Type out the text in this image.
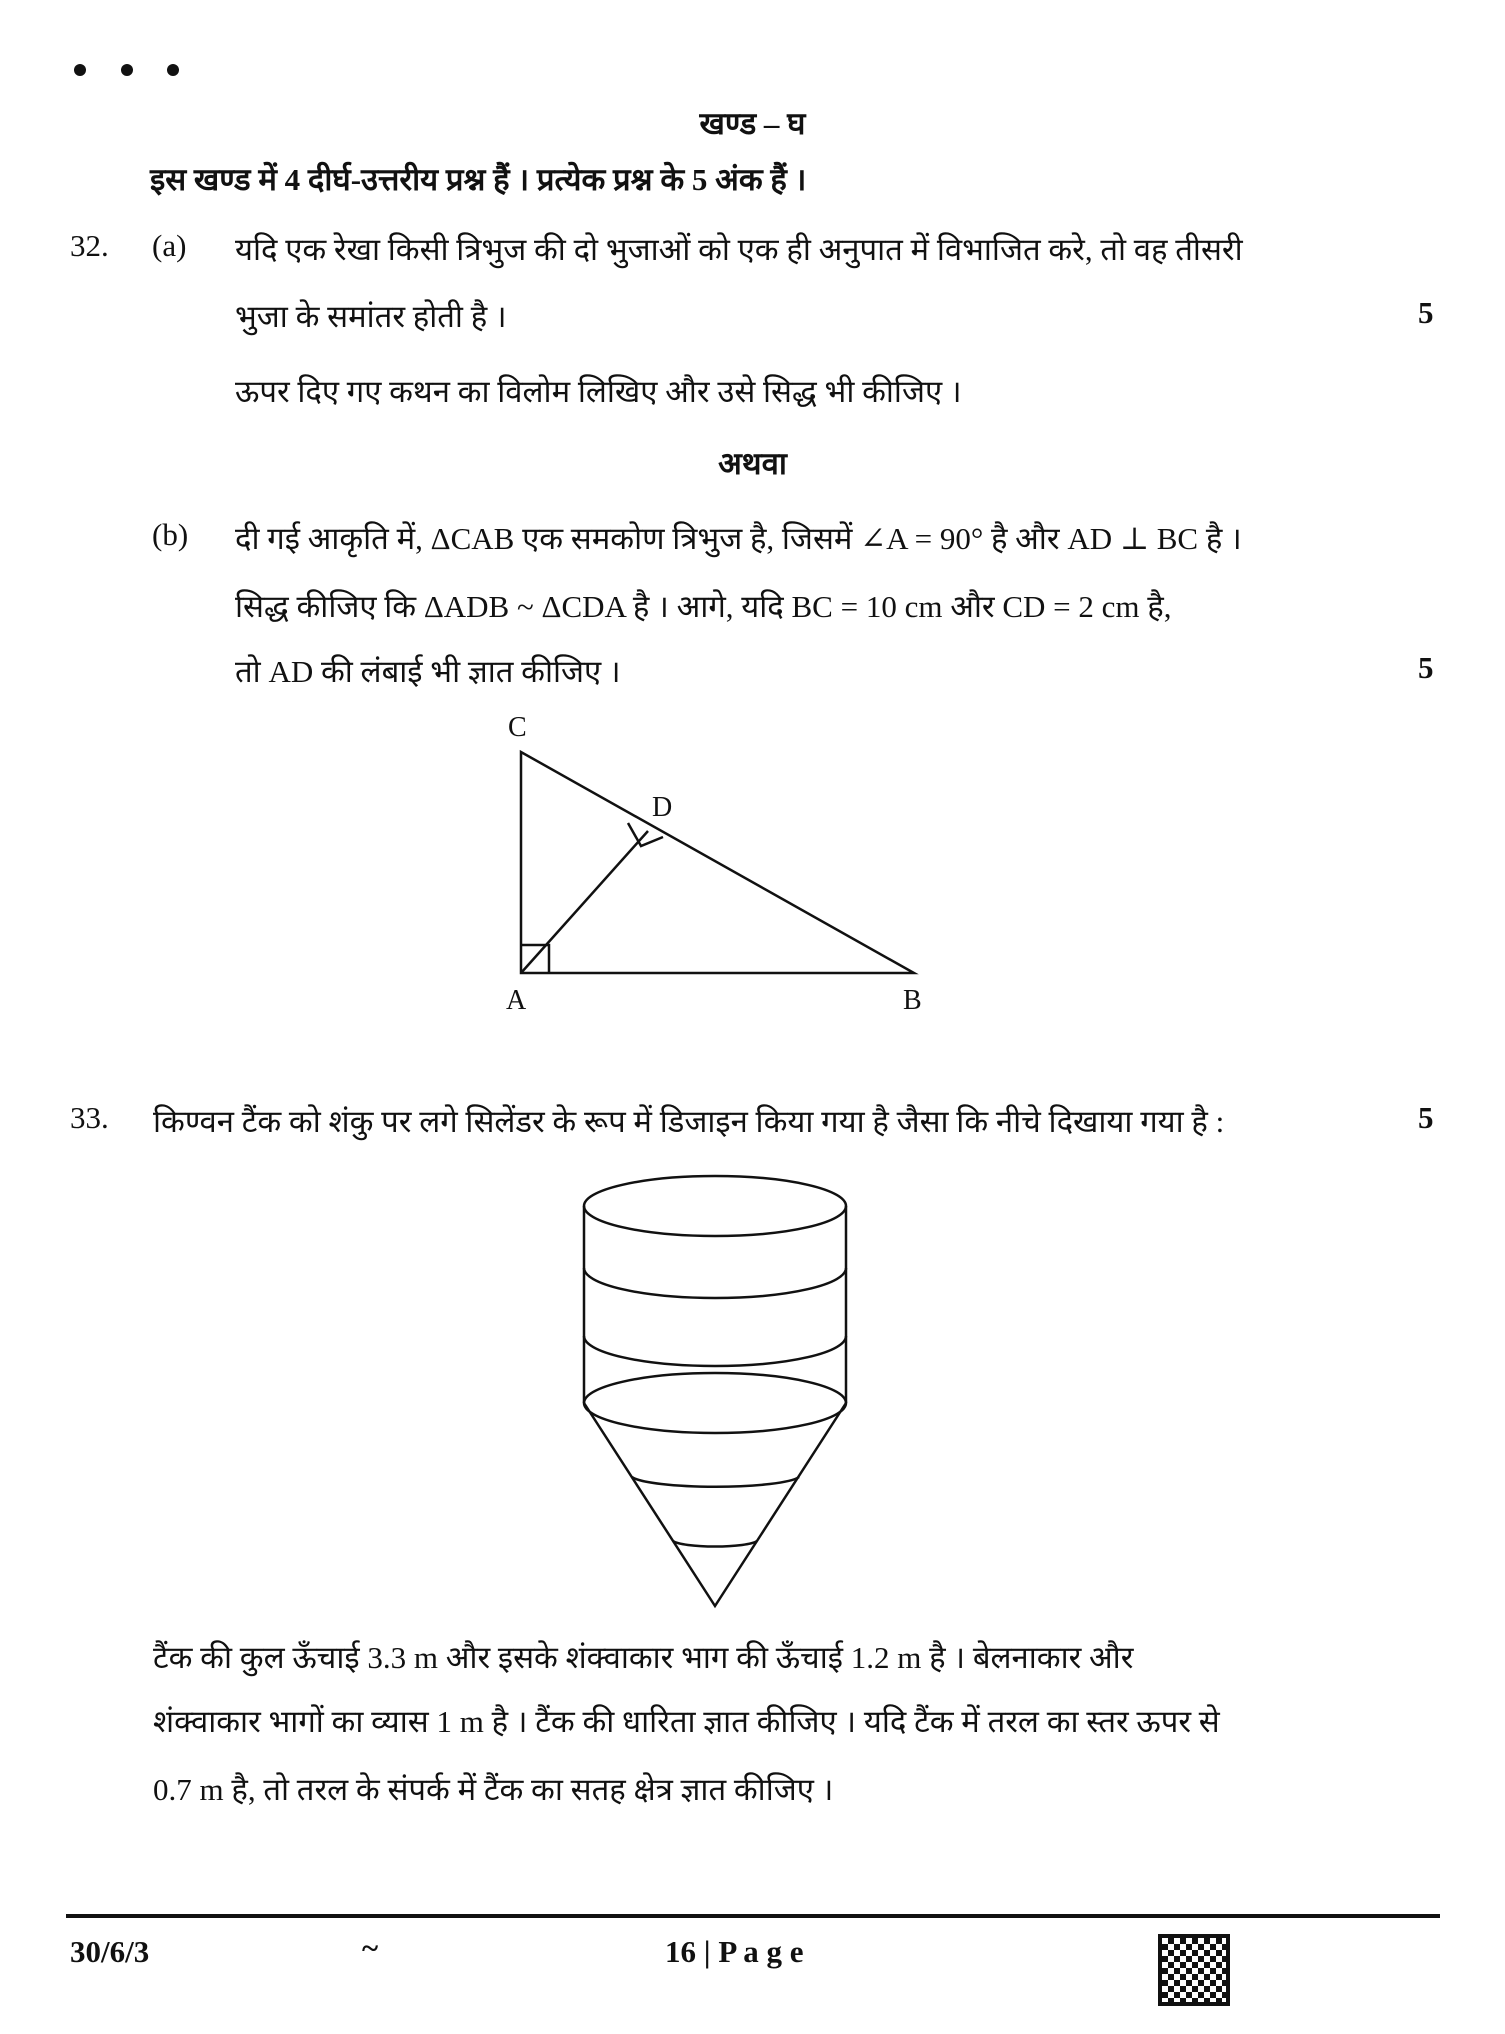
खण्ड – घ
इस खण्ड में 4 दीर्घ-उत्तरीय प्रश्न हैं । प्रत्येक प्रश्न के 5 अंक हैं ।
32. (a) यदि एक रेखा किसी त्रिभुज की दो भुजाओं को एक ही अनुपात में विभाजित करे, तो वह तीसरी
भुजा के समांतर होती है ।	5
ऊपर दिए गए कथन का विलोम लिखिए और उसे सिद्ध भी कीजिए ।
अथवा
(b) दी गई आकृति में, ΔCAB एक समकोण त्रिभुज है, जिसमें ∠A = 90° है और AD ⊥ BC है ।
सिद्ध कीजिए कि ΔADB ~ ΔCDA है । आगे, यदि BC = 10 cm और CD = 2 cm है,
तो AD की लंबाई भी ज्ञात कीजिए ।	5
C
D
A	B
33. किण्वन टैंक को शंकु पर लगे सिलेंडर के रूप में डिजाइन किया गया है जैसा कि नीचे दिखाया गया है :	5
टैंक की कुल ऊँचाई 3.3 m और इसके शंक्वाकार भाग की ऊँचाई 1.2 m है । बेलनाकार और
शंक्वाकार भागों का व्यास 1 m है । टैंक की धारिता ज्ञात कीजिए । यदि टैंक में तरल का स्तर ऊपर से
0.7 m है, तो तरल के संपर्क में टैंक का सतह क्षेत्र ज्ञात कीजिए ।
30/6/3	~	16 | P a g e
